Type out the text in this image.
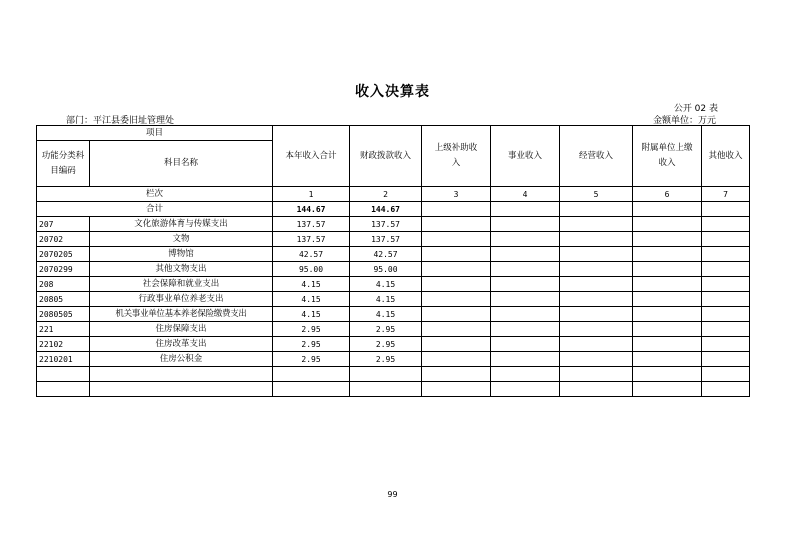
收入决算表
公开 02 表
部门：平江县委旧址管理处	金额单位：万元
项目		本年收入合计	财政拨款收入	上级补助收入	事业收入	经营收入	附属单位上缴收入	其他收入
功能分类科目编码	科目名称							
栏次		1	2	3	4	5	6	7
合计		144.67	144.67					
207	文化旅游体育与传媒支出	137.57	137.57					
20702	文物	137.57	137.57					
2070205	博物馆	42.57	42.57					
2070299	其他文物支出	95.00	95.00					
208	社会保障和就业支出	4.15	4.15					
20805	行政事业单位养老支出	4.15	4.15					
2080505	机关事业单位基本养老保险缴费支出	4.15	4.15					
221	住房保障支出	2.95	2.95					
22102	住房改革支出	2.95	2.95					
2210201	住房公积金	2.95	2.95					

99
